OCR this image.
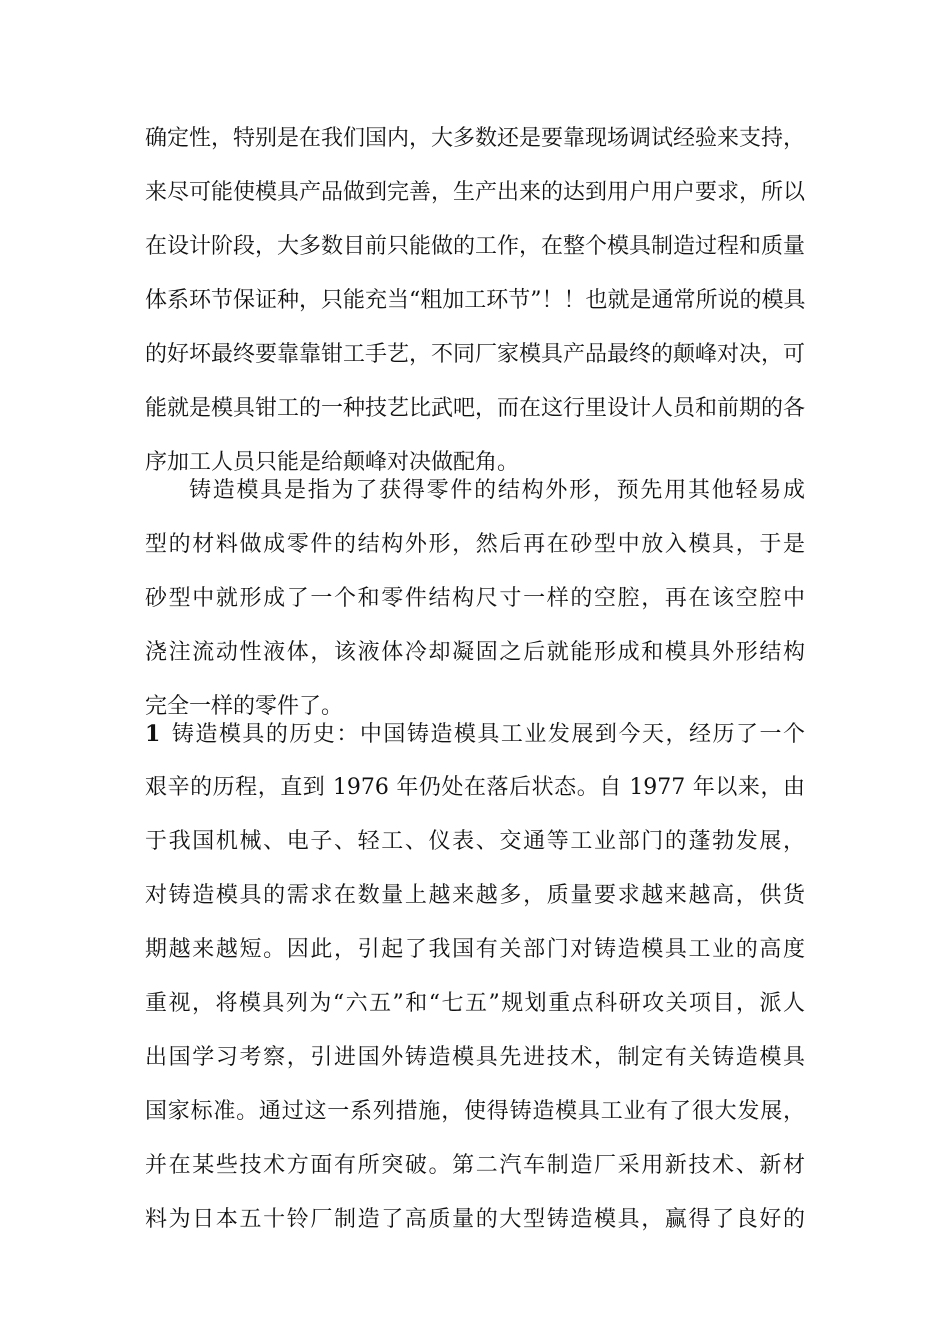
确定性，特别是在我们国内，大多数还是要靠现场调试经验来支持，
来尽可能使模具产品做到完善，生产出来的达到用户用户要求，所以
在设计阶段，大多数目前只能做的工作，在整个模具制造过程和质量
体系环节保证种，只能充当“粗加工环节”！！也就是通常所说的模具
的好坏最终要靠靠钳工手艺，不同厂家模具产品最终的颠峰对决，可
能就是模具钳工的一种技艺比武吧，而在这行里设计人员和前期的各
序加工人员只能是给颠峰对决做配角。
铸造模具是指为了获得零件的结构外形，预先用其他轻易成
型的材料做成零件的结构外形，然后再在砂型中放入模具，于是
砂型中就形成了一个和零件结构尺寸一样的空腔，再在该空腔中
浇注流动性液体，该液体冷却凝固之后就能形成和模具外形结构
完全一样的零件了。
1 铸造模具的历史：中国铸造模具工业发展到今天，经历了一个
艰辛的历程，直到 1976 年仍处在落后状态。自 1977 年以来，由
于我国机械、电子、轻工、仪表、交通等工业部门的蓬勃发展，
对铸造模具的需求在数量上越来越多，质量要求越来越高，供货
期越来越短。因此，引起了我国有关部门对铸造模具工业的高度
重视，将模具列为“六五”和“七五”规划重点科研攻关项目，派人
出国学习考察，引进国外铸造模具先进技术，制定有关铸造模具
国家标准。通过这一系列措施，使得铸造模具工业有了很大发展，
并在某些技术方面有所突破。第二汽车制造厂采用新技术、新材
料为日本五十铃厂制造了高质量的大型铸造模具，赢得了良好的
